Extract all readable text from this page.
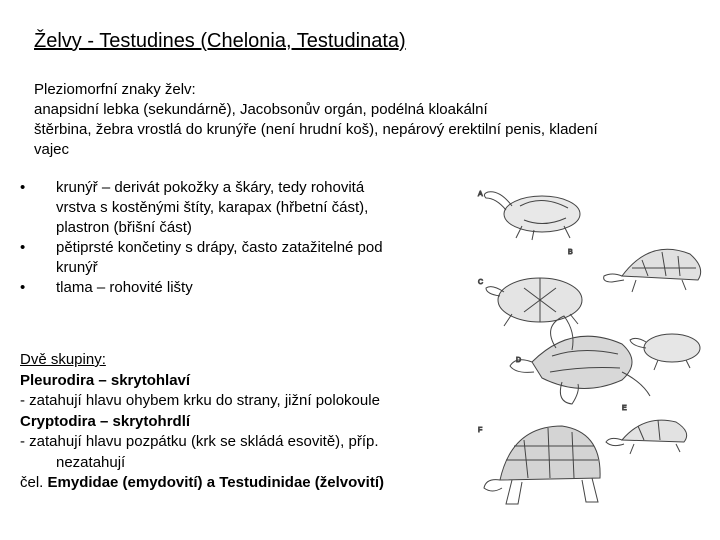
Želvy - Testudines (Chelonia, Testudinata)
Pleziomorfní znaky želv:
anapsidní lebka (sekundárně), Jacobsonův orgán, podélná kloakální
štěrbina, žebra vrostlá do krunýře (není hrudní koš), nepárový erektilní penis, kladení
vajec
• krunýř – derivát pokožky a škáry, tedy rohovitá
vrstva s kostěnými štíty, karapax (hřbetní část),
plastron (břišní část)
• pětiprsté končetiny s drápy, často zatažitelné pod
krunýř
• tlama – rohovité lišty
Dvě skupiny:
Pleurodira – skrytohlaví
- zatahují hlavu ohybem krku do strany, jižní polokoule
Cryptodira – skrytohrdlí
- zatahují hlavu pozpátku (krk se skládá esovitě), příp.
nezatahují
čel. Emydidae (emydovití) a Testudinidae (želvovití)
A
B
C
D
E
F
